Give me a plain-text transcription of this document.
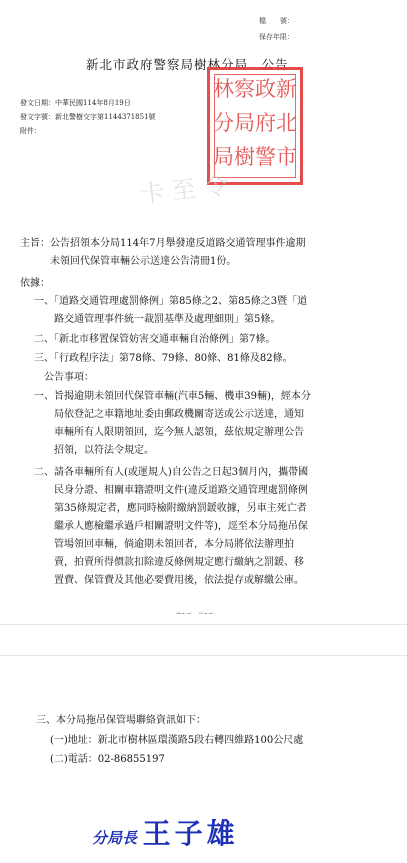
檔　　號：
保存年限：
新北市政府警察局樹林分局　公告
新
北
市
政
府
警
察
局
樹
林
分
局
發文日期：中華民國114年8月19日
發文字號：新北警樹交字第1144371851號
附件：
卡 至 令
主旨：公告招領本分局114年7月舉發違反道路交通管理事件逾期
　　　未領回代保管車輛公示送達公告清冊1份。
依據：
一、「道路交通管理處罰條例」第85條之2、第85條之3暨「道
　　路交通管理事件統一裁罰基準及處理細則」第5條。
二、「新北市移置保管妨害交通車輛自治條例」第7條。
三、「行政程序法」第78條、79條、80條、81條及82條。
公告事項：
一、旨揭逾期未領回代保管車輛(汽車5輛、機車39輛)，經本分
　　局依登記之車籍地址委由郵政機關寄送或公示送達，通知
　　車輛所有人限期領回，迄今無人認領，茲依規定辦理公告
　　招領，以符法令規定。
二、請各車輛所有人(或運規人)自公告之日起3個月內，攜帶國
　　民身分證、相關車籍證明文件(違反道路交通管理處罰條例
　　第35條規定者，應同時檢附繳納罰鍰收據，另車主死亡者
　　繼承人應檢繼承過戶相關證明文件等)，逕至本分局拖吊保
　　管場領回車輛，倘逾期未領回者，本分局將依法辦理拍
　　賣，拍賣所得價款扣除違反條例規定應行繳納之罰鍰、移
　　置費、保管費及其他必要費用後，依法提存或解繳公庫。
三、本分局拖吊保管場聯絡資訊如下：
(一)地址：新北市樹林區環漢路5段右轉四維路100公尺處
(二)電話：02-86855197
分局長 王子雄
